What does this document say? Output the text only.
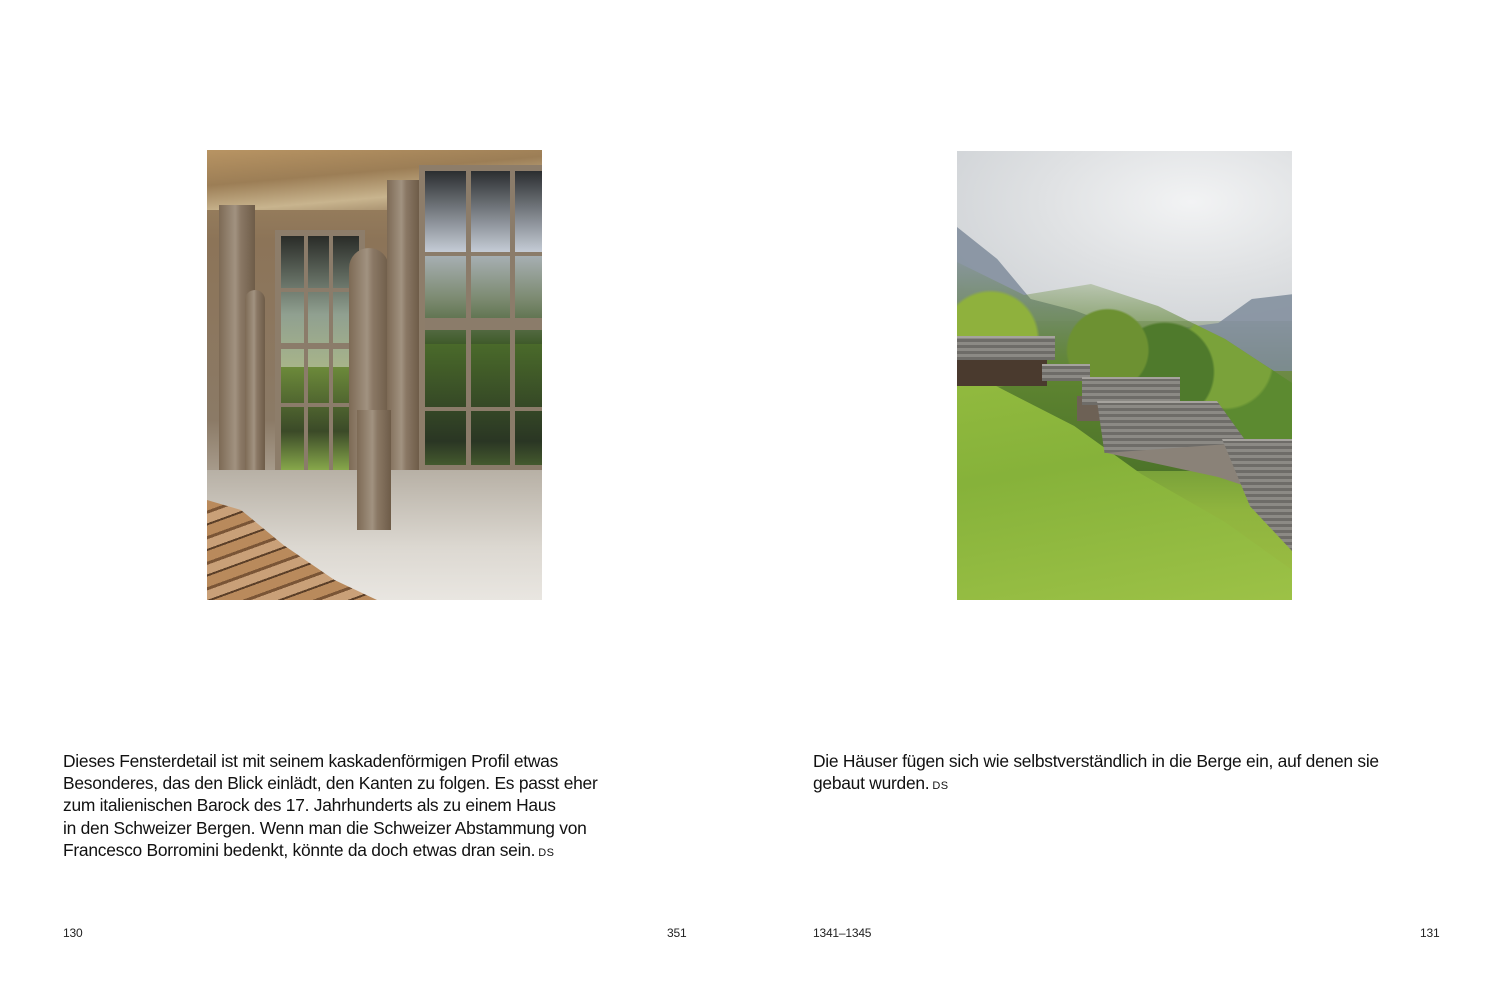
Dieses Fensterdetail ist mit seinem kaskadenförmigen Profil etwas
Besonderes, das den Blick einlädt, den Kanten zu folgen. Es passt eher
zum italienischen Barock des 17. Jahrhunderts als zu einem Haus
in den Schweizer Bergen. Wenn man die Schweizer Abstammung von
Francesco Borromini bedenkt, könnte da doch etwas dran sein. DS
130	351
Die Häuser fügen sich wie selbstverständlich in die Berge ein, auf denen sie
gebaut wurden. DS
1341–1345	131
